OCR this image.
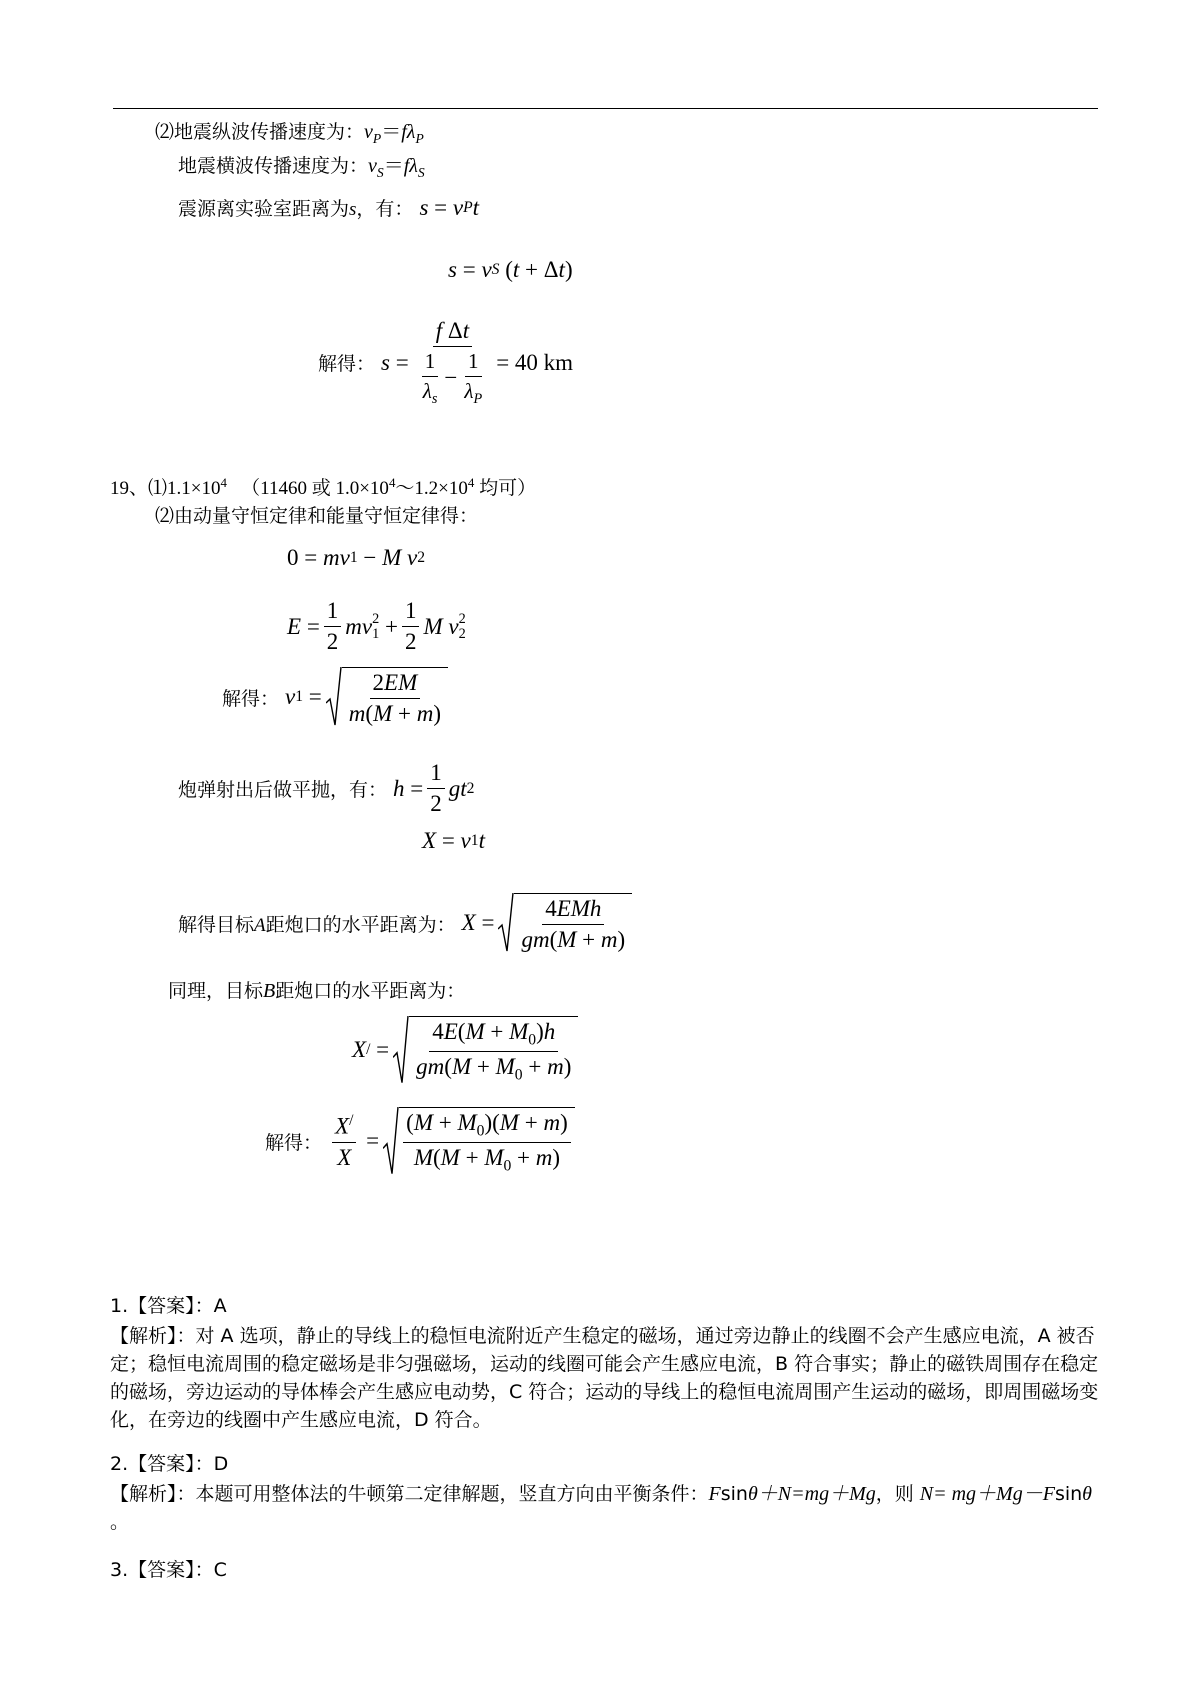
⑵地震纵波传播速度为：$v_P=f\lambda_P$
地震横波传播速度为：$v_S=f\lambda_S$
震源离实验室距离为s，有： s = v P t
s = v S ( t + Δ t )
解得： $s = \frac{\text{f Δt}}{\frac{1}{\lambda_s} - \frac{1}{\lambda_P}} = 40$ km
19、$⑴1.1\times 10^4$ （11460 或 $1.0\times 10^4\sim 1.2\times 10^4$ 均可）
⑵由动量守恒定律和能量守恒定律得：
0 = mv 1 − M
v 2
$E = \frac{1}{2}$ mv 2
$1 + \frac{1}{2}$ M
v 2
2
解得： v $1 = \frac{2EM}{m(M + m)}$
炮弹射出后做平抛，有： $h = \frac{1}{2}$ gt 2
X = v 1 t
解得目标A距炮口的水平距离为： $X = \frac{\text{4EMh}}{gm(M + m)}$
同理，目标B距炮口的水平距离为：
X / = $\frac{4E(M + M_0)h}{gm(M + M_0 + m)}$
解得： $\frac{X^/}{X} = \frac{(M + M_0)(M + m)}{M(M + M_0 + m)}$
1.【答案】：A
【解析】：对 A 选项，静止的导线上的稳恒电流附近产生稳定的磁场，通过旁边静止的线圈不会产生感应电流，A 被否定；稳恒电流周围的稳定磁场是非匀强磁场，运动的线圈可能会产生感应电流，B 符合事实；静止的磁铁周围存在稳定的磁场，旁边运动的导体棒会产生感应电动势，C 符合；运动的导线上的稳恒电流周围产生运动的磁场，即周围磁场变化，在旁边的线圈中产生感应电流，D 符合。
2.【答案】：D
【解析】：本题可用整体法的牛顿第二定律解题，竖直方向由平衡条件：Fsinθ＋N=mg＋Mg，则 N= mg＋Mg－Fsinθ 。
3.【答案】：C
